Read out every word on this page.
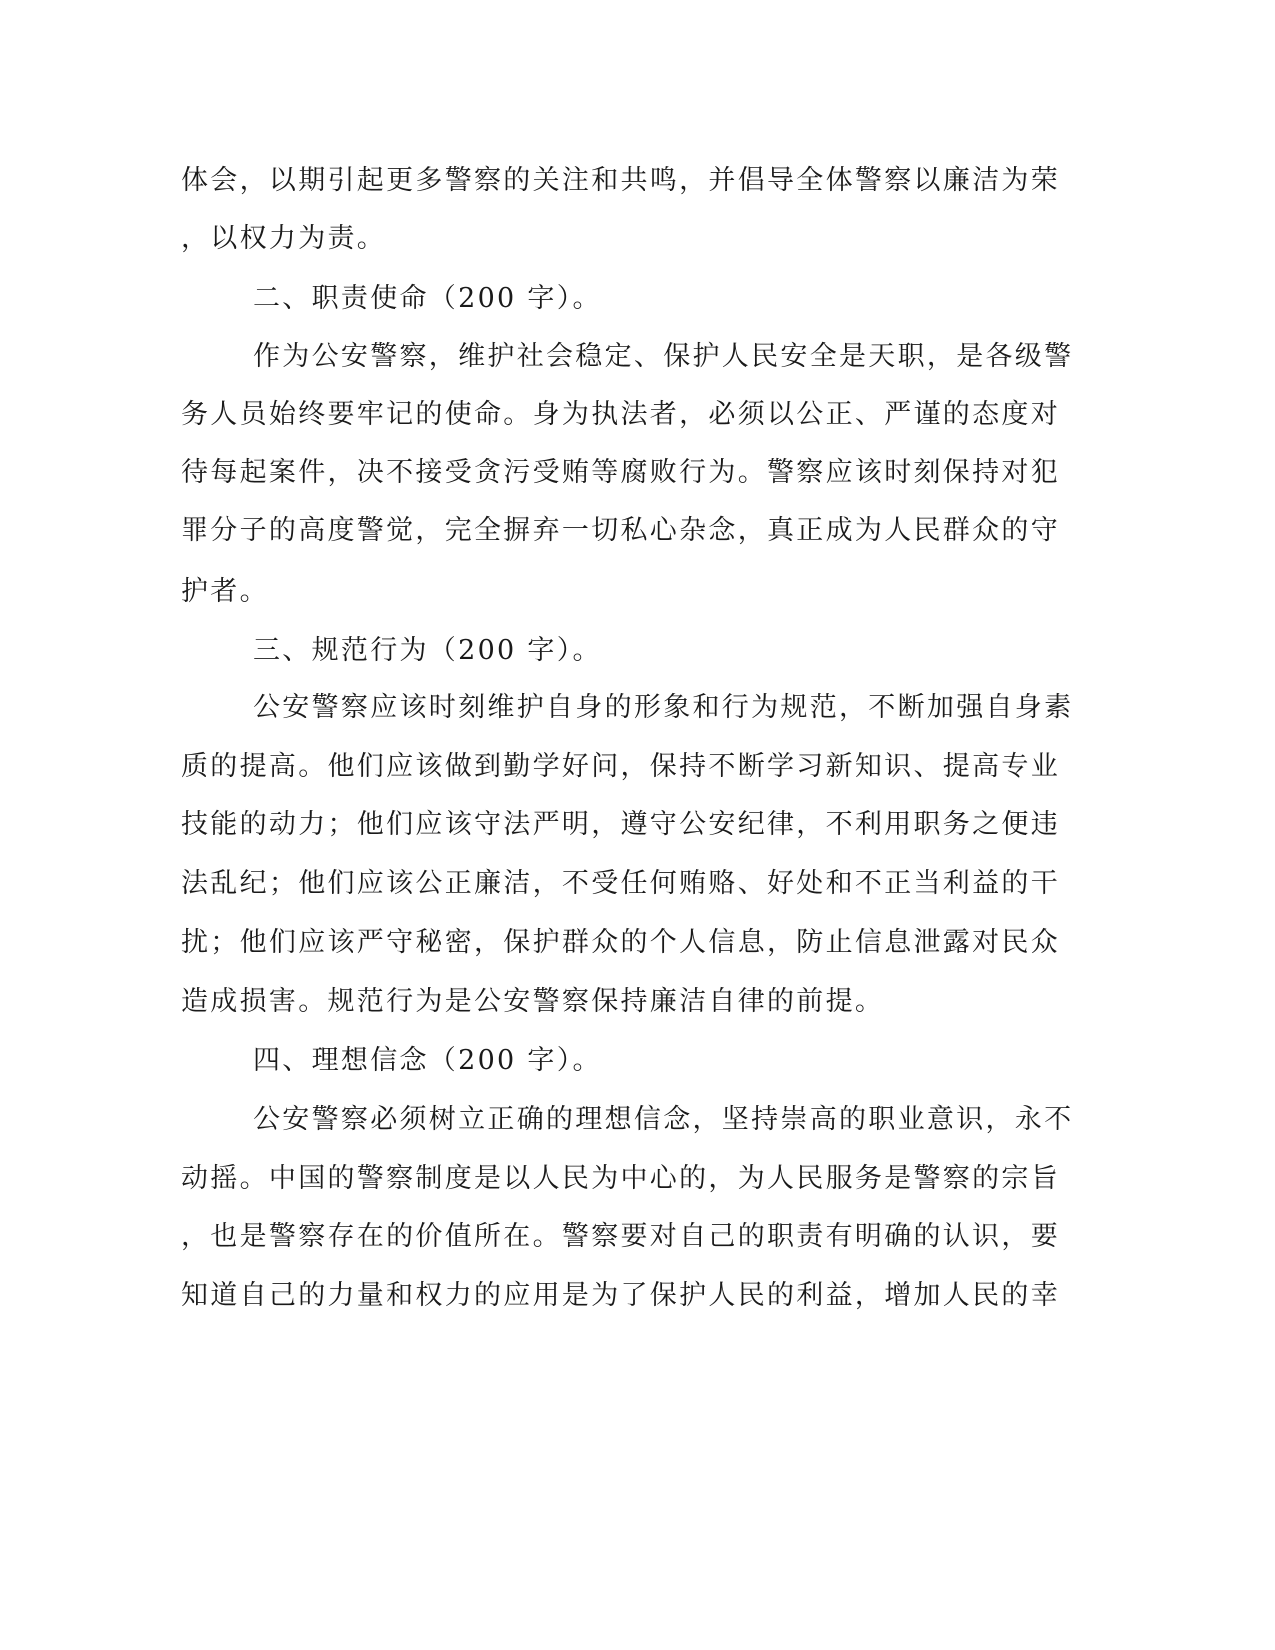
体会，以期引起更多警察的关注和共鸣，并倡导全体警察以廉洁为荣
，以权力为责。
二、职责使命（200 字）。
作为公安警察，维护社会稳定、保护人民安全是天职，是各级警
务人员始终要牢记的使命。身为执法者，必须以公正、严谨的态度对
待每起案件，决不接受贪污受贿等腐败行为。警察应该时刻保持对犯
罪分子的高度警觉，完全摒弃一切私心杂念，真正成为人民群众的守
护者。
三、规范行为（200 字）。
公安警察应该时刻维护自身的形象和行为规范，不断加强自身素
质的提高。他们应该做到勤学好问，保持不断学习新知识、提高专业
技能的动力；他们应该守法严明，遵守公安纪律，不利用职务之便违
法乱纪；他们应该公正廉洁，不受任何贿赂、好处和不正当利益的干
扰；他们应该严守秘密，保护群众的个人信息，防止信息泄露对民众
造成损害。规范行为是公安警察保持廉洁自律的前提。
四、理想信念（200 字）。
公安警察必须树立正确的理想信念，坚持崇高的职业意识，永不
动摇。中国的警察制度是以人民为中心的，为人民服务是警察的宗旨
，也是警察存在的价值所在。警察要对自己的职责有明确的认识，要
知道自己的力量和权力的应用是为了保护人民的利益，增加人民的幸
